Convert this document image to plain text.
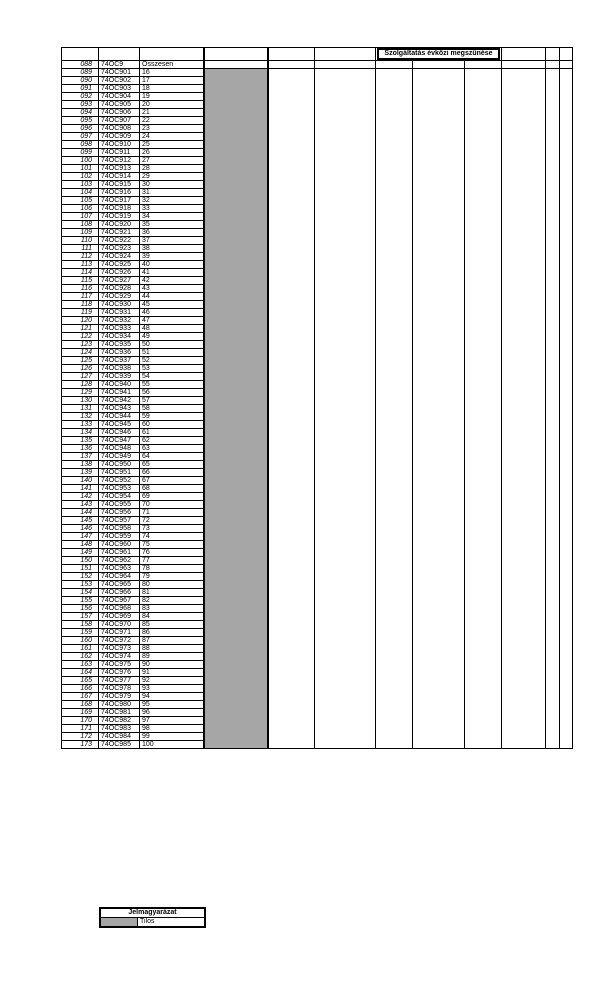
						Szolgáltatás évközi megszűnése					

088	74OC9	Összesen									
089	74OC901	16									
090	74OC902	17									
091	74OC903	18									
092	74OC904	19									
093	74OC905	20									
094	74OC906	21									
095	74OC907	22									
096	74OC908	23									
097	74OC909	24									
098	74OC910	25									
099	74OC911	26									
100	74OC912	27									
101	74OC913	28									
102	74OC914	29									
103	74OC915	30									
104	74OC916	31									
105	74OC917	32									
106	74OC918	33									
107	74OC919	34									
108	74OC920	35									
109	74OC921	36									
110	74OC922	37									
111	74OC923	38									
112	74OC924	39									
113	74OC925	40									
114	74OC926	41									
115	74OC927	42									
116	74OC928	43									
117	74OC929	44									
118	74OC930	45									
119	74OC931	46									
120	74OC932	47									
121	74OC933	48									
122	74OC934	49									
123	74OC935	50									
124	74OC936	51									
125	74OC937	52									
126	74OC938	53									
127	74OC939	54									
128	74OC940	55									
129	74OC941	56									
130	74OC942	57									
131	74OC943	58									
132	74OC944	59									
133	74OC945	60									
134	74OC946	61									
135	74OC947	62									
136	74OC948	63									
137	74OC949	64									
138	74OC950	65									
139	74OC951	66									
140	74OC952	67									
141	74OC953	68									
142	74OC954	69									
143	74OC955	70									
144	74OC956	71									
145	74OC957	72									
146	74OC958	73									
147	74OC959	74									
148	74OC960	75									
149	74OC961	76									
150	74OC962	77									
151	74OC963	78									
152	74OC964	79									
153	74OC965	80									
154	74OC966	81									
155	74OC967	82									
156	74OC968	83									
157	74OC969	84									
158	74OC970	85									
159	74OC971	86									
160	74OC972	87									
161	74OC973	88									
162	74OC974	89									
163	74OC975	90									
164	74OC976	91									
165	74OC977	92									
166	74OC978	93									
167	74OC979	94									
168	74OC980	95									
169	74OC981	96									
170	74OC982	97									
171	74OC983	98									
172	74OC984	99									
173	74OC985	100									
Jelmagyarázat
	Tilos
